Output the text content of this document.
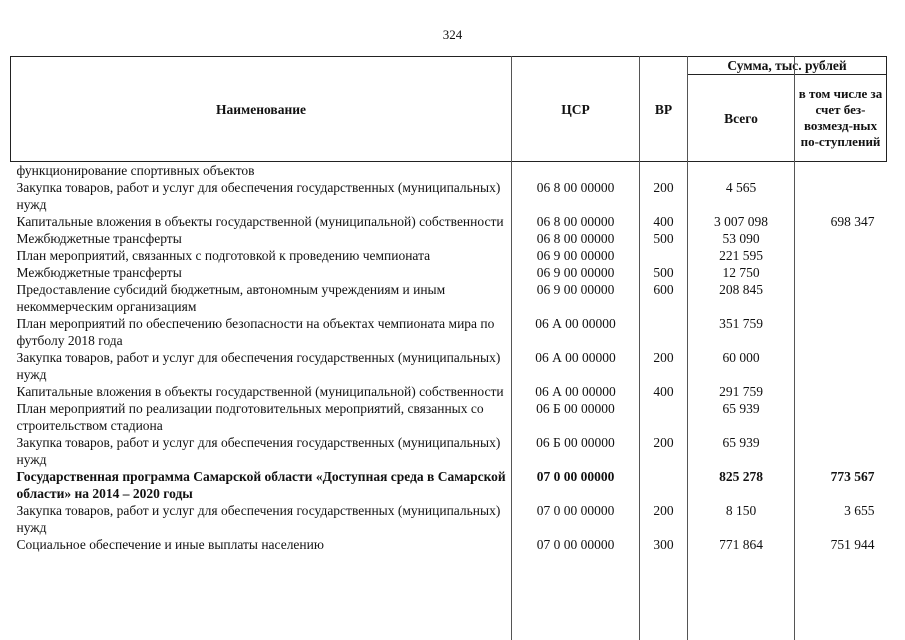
324
Наименование	ЦСР	ВР	Сумма, тыс. рублей	
			Всего	в том числе за счет без-возмезд-ных по-ступлений
функционирование спортивных объектов				
Закупка товаров, работ и услуг для обеспечения государственных (муниципальных) нужд	06 8 00 00000	200	4 565	
Капитальные вложения в объекты государственной (муниципальной) собственности	06 8 00 00000	400	3 007 098	698 347
Межбюджетные трансферты	06 8 00 00000	500	53 090	
План мероприятий, связанных с подготовкой к проведению чемпионата	06 9 00 00000		221 595	
Межбюджетные трансферты	06 9 00 00000	500	12 750	
Предоставление субсидий бюджетным, автономным учреждениям и иным некоммерческим организациям	06 9 00 00000	600	208 845	
План мероприятий по обеспечению безопасности на объектах чемпионата мира по футболу 2018 года	06 А 00 00000		351 759	
Закупка товаров, работ и услуг для обеспечения государственных (муниципальных) нужд	06 А 00 00000	200	60 000	
Капитальные вложения в объекты государственной (муниципальной) собственности	06 А 00 00000	400	291 759	
План мероприятий по реализации подготовительных мероприятий, связанных со строительством стадиона	06 Б 00 00000		65 939	
Закупка товаров, работ и услуг для обеспечения государственных (муниципальных) нужд	06 Б 00 00000	200	65 939	
Государственная программа Самарской области «Доступная среда в Самарской области» на 2014 – 2020 годы	07 0 00 00000		825 278	773 567
Закупка товаров, работ и услуг для обеспечения государственных (муниципальных) нужд	07 0 00 00000	200	8 150	3 655
Социальное обеспечение и иные выплаты населению	07 0 00 00000	300	771 864	751 944
